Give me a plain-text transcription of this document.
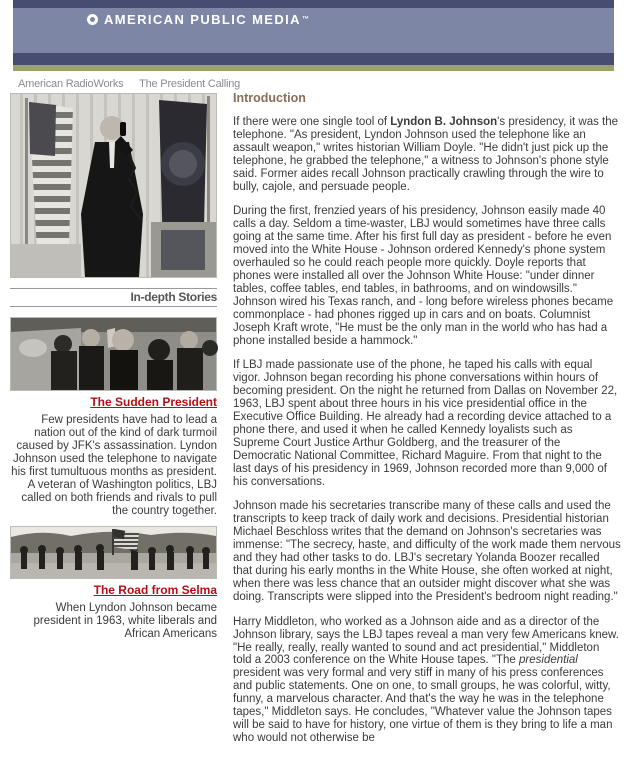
AMERICAN PUBLIC MEDIA ™
American RadioWorks The President Calling
In-depth Stories
The Sudden President
Few presidents have had to lead a nation out of the kind of dark turmoil caused by JFK's assassination. Lyndon Johnson used the telephone to navigate his first tumultuous months as president. A veteran of Washington politics, LBJ called on both friends and rivals to pull the country together.
The Road from Selma
When Lyndon Johnson became president in 1963, white liberals and African Americans
Introduction

If there were one single tool of Lyndon B. Johnson's presidency, it was the telephone. "As president, Lyndon Johnson used the telephone like an assault weapon," writes historian William Doyle. "He didn't just pick up the telephone, he grabbed the telephone," a witness to Johnson's phone style said. Former aides recall Johnson practically crawling through the wire to bully, cajole, and persuade people.

During the first, frenzied years of his presidency, Johnson easily made 40 calls a day. Seldom a time-waster, LBJ would sometimes have three calls going at the same time. After his first full day as president - before he even moved into the White House - Johnson ordered Kennedy's phone system overhauled so he could reach people more quickly. Doyle reports that phones were installed all over the Johnson White House: "under dinner tables, coffee tables, end tables, in bathrooms, and on windowsills." Johnson wired his Texas ranch, and - long before wireless phones became commonplace - had phones rigged up in cars and on boats. Columnist Joseph Kraft wrote, "He must be the only man in the world who has had a phone installed beside a hammock."

If LBJ made passionate use of the phone, he taped his calls with equal vigor. Johnson began recording his phone conversations within hours of becoming president. On the night he returned from Dallas on November 22, 1963, LBJ spent about three hours in his vice presidential office in the Executive Office Building. He already had a recording device attached to a phone there, and used it when he called Kennedy loyalists such as Supreme Court Justice Arthur Goldberg, and the treasurer of the Democratic National Committee, Richard Maguire. From that night to the last days of his presidency in 1969, Johnson recorded more than 9,000 of his conversations.

Johnson made his secretaries transcribe many of these calls and used the transcripts to keep track of daily work and decisions. Presidential historian Michael Beschloss writes that the demand on Johnson's secretaries was immense: "The secrecy, haste, and difficulty of the work made them nervous and they had other tasks to do. LBJ's secretary Yolanda Boozer recalled that during his early months in the White House, she often worked at night, when there was less chance that an outsider might discover what she was doing. Transcripts were slipped into the President's bedroom night reading."

Harry Middleton, who worked as a Johnson aide and as a director of the Johnson library, says the LBJ tapes reveal a man very few Americans knew. "He really, really, really wanted to sound and act presidential," Middleton told a 2003 conference on the White House tapes. "The presidential president was very formal and very stiff in many of his press conferences and public statements. One on one, to small groups, he was colorful, witty, funny, a marvelous character. And that's the way he was in the telephone tapes," Middleton says. He concludes, "Whatever value the Johnson tapes will be said to have for history, one virtue of them is they bring to life a man who would not otherwise be
